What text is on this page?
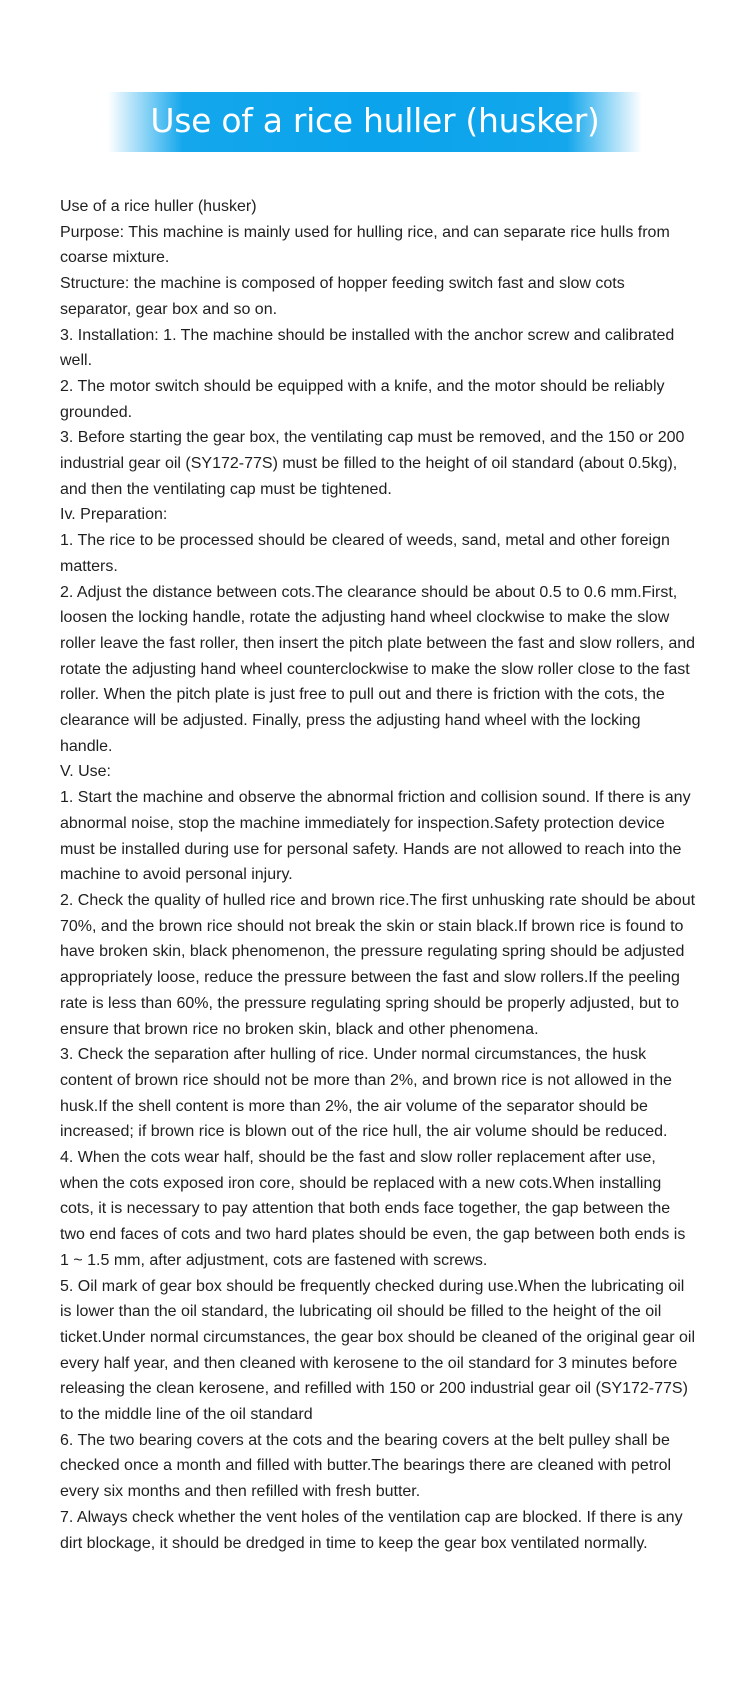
Use of a rice huller (husker)

Use of a rice huller (husker)

Purpose: This machine is mainly used for hulling rice, and can separate rice hulls from coarse mixture.

Structure: the machine is composed of hopper feeding switch fast and slow cots separator, gear box and so on.

3. Installation: 1. The machine should be installed with the anchor screw and calibrated well.

2. The motor switch should be equipped with a knife, and the motor should be reliably grounded.

3. Before starting the gear box, the ventilating cap must be removed, and the 150 or 200 industrial gear oil (SY172-77S) must be filled to the height of oil standard (about 0.5kg), and then the ventilating cap must be tightened.

Iv. Preparation:

1. The rice to be processed should be cleared of weeds, sand, metal and other foreign matters.

2. Adjust the distance between cots.The clearance should be about 0.5 to 0.6 mm.First, loosen the locking handle, rotate the adjusting hand wheel clockwise to make the slow roller leave the fast roller, then insert the pitch plate between the fast and slow rollers, and rotate the adjusting hand wheel counterclockwise to make the slow roller close to the fast roller. When the pitch plate is just free to pull out and there is friction with the cots, the clearance will be adjusted. Finally, press the adjusting hand wheel with the locking handle.

V. Use:

1. Start the machine and observe the abnormal friction and collision sound. If there is any abnormal noise, stop the machine immediately for inspection.Safety protection device must be installed during use for personal safety. Hands are not allowed to reach into the machine to avoid personal injury.

2. Check the quality of hulled rice and brown rice.The first unhusking rate should be about 70%, and the brown rice should not break the skin or stain black.If brown rice is found to have broken skin, black phenomenon, the pressure regulating spring should be adjusted appropriately loose, reduce the pressure between the fast and slow rollers.If the peeling rate is less than 60%, the pressure regulating spring should be properly adjusted, but to ensure that brown rice no broken skin, black and other phenomena.

3. Check the separation after hulling of rice. Under normal circumstances, the husk content of brown rice should not be more than 2%, and brown rice is not allowed in the husk.If the shell content is more than 2%, the air volume of the separator should be increased; if brown rice is blown out of the rice hull, the air volume should be reduced.

4. When the cots wear half, should be the fast and slow roller replacement after use, when the cots exposed iron core, should be replaced with a new cots.When installing cots, it is necessary to pay attention that both ends face together, the gap between the two end faces of cots and two hard plates should be even, the gap between both ends is 1 ~ 1.5 mm, after adjustment, cots are fastened with screws.

5. Oil mark of gear box should be frequently checked during use.When the lubricating oil is lower than the oil standard, the lubricating oil should be filled to the height of the oil ticket.Under normal circumstances, the gear box should be cleaned of the original gear oil every half year, and then cleaned with kerosene to the oil standard for 3 minutes before releasing the clean kerosene, and refilled with 150 or 200 industrial gear oil (SY172-77S) to the middle line of the oil standard

6. The two bearing covers at the cots and the bearing covers at the belt pulley shall be checked once a month and filled with butter.The bearings there are cleaned with petrol every six months and then refilled with fresh butter.

7. Always check whether the vent holes of the ventilation cap are blocked. If there is any dirt blockage, it should be dredged in time to keep the gear box ventilated normally.
